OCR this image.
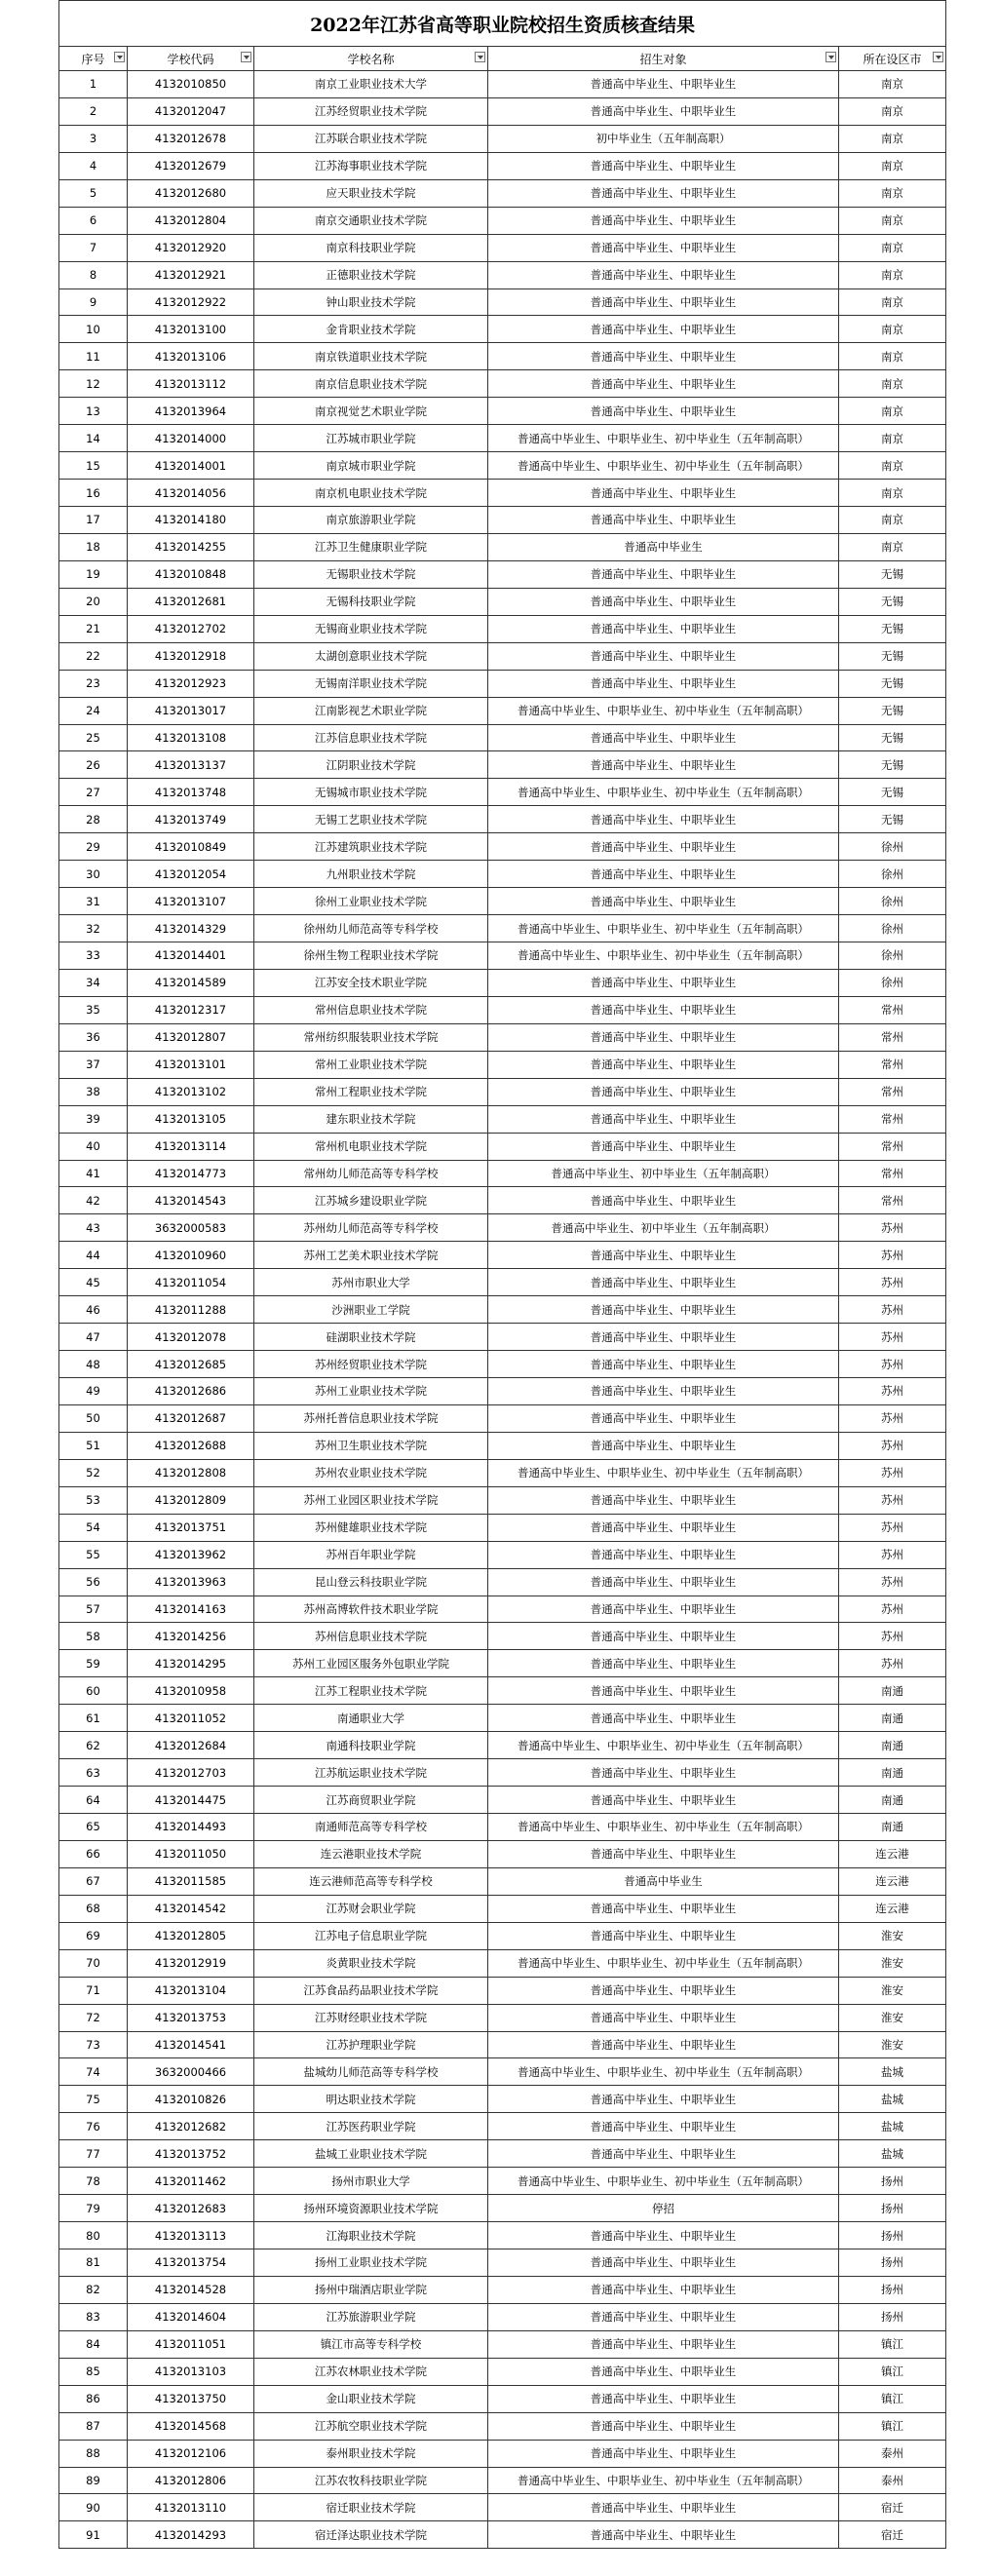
2022年江苏省高等职业院校招生资质核查结果				
序号	学校代码	学校名称	招生对象	所在设区市

1	4132010850	南京工业职业技术大学	普通高中毕业生、中职毕业生	南京
2	4132012047	江苏经贸职业技术学院	普通高中毕业生、中职毕业生	南京
3	4132012678	江苏联合职业技术学院	初中毕业生（五年制高职）	南京
4	4132012679	江苏海事职业技术学院	普通高中毕业生、中职毕业生	南京
5	4132012680	应天职业技术学院	普通高中毕业生、中职毕业生	南京
6	4132012804	南京交通职业技术学院	普通高中毕业生、中职毕业生	南京
7	4132012920	南京科技职业学院	普通高中毕业生、中职毕业生	南京
8	4132012921	正德职业技术学院	普通高中毕业生、中职毕业生	南京
9	4132012922	钟山职业技术学院	普通高中毕业生、中职毕业生	南京
10	4132013100	金肯职业技术学院	普通高中毕业生、中职毕业生	南京
11	4132013106	南京铁道职业技术学院	普通高中毕业生、中职毕业生	南京
12	4132013112	南京信息职业技术学院	普通高中毕业生、中职毕业生	南京
13	4132013964	南京视觉艺术职业学院	普通高中毕业生、中职毕业生	南京
14	4132014000	江苏城市职业学院	普通高中毕业生、中职毕业生、初中毕业生（五年制高职）	南京
15	4132014001	南京城市职业学院	普通高中毕业生、中职毕业生、初中毕业生（五年制高职）	南京
16	4132014056	南京机电职业技术学院	普通高中毕业生、中职毕业生	南京
17	4132014180	南京旅游职业学院	普通高中毕业生、中职毕业生	南京
18	4132014255	江苏卫生健康职业学院	普通高中毕业生	南京
19	4132010848	无锡职业技术学院	普通高中毕业生、中职毕业生	无锡
20	4132012681	无锡科技职业学院	普通高中毕业生、中职毕业生	无锡
21	4132012702	无锡商业职业技术学院	普通高中毕业生、中职毕业生	无锡
22	4132012918	太湖创意职业技术学院	普通高中毕业生、中职毕业生	无锡
23	4132012923	无锡南洋职业技术学院	普通高中毕业生、中职毕业生	无锡
24	4132013017	江南影视艺术职业学院	普通高中毕业生、中职毕业生、初中毕业生（五年制高职）	无锡
25	4132013108	江苏信息职业技术学院	普通高中毕业生、中职毕业生	无锡
26	4132013137	江阴职业技术学院	普通高中毕业生、中职毕业生	无锡
27	4132013748	无锡城市职业技术学院	普通高中毕业生、中职毕业生、初中毕业生（五年制高职）	无锡
28	4132013749	无锡工艺职业技术学院	普通高中毕业生、中职毕业生	无锡
29	4132010849	江苏建筑职业技术学院	普通高中毕业生、中职毕业生	徐州
30	4132012054	九州职业技术学院	普通高中毕业生、中职毕业生	徐州
31	4132013107	徐州工业职业技术学院	普通高中毕业生、中职毕业生	徐州
32	4132014329	徐州幼儿师范高等专科学校	普通高中毕业生、中职毕业生、初中毕业生（五年制高职）	徐州
33	4132014401	徐州生物工程职业技术学院	普通高中毕业生、中职毕业生、初中毕业生（五年制高职）	徐州
34	4132014589	江苏安全技术职业学院	普通高中毕业生、中职毕业生	徐州
35	4132012317	常州信息职业技术学院	普通高中毕业生、中职毕业生	常州
36	4132012807	常州纺织服装职业技术学院	普通高中毕业生、中职毕业生	常州
37	4132013101	常州工业职业技术学院	普通高中毕业生、中职毕业生	常州
38	4132013102	常州工程职业技术学院	普通高中毕业生、中职毕业生	常州
39	4132013105	建东职业技术学院	普通高中毕业生、中职毕业生	常州
40	4132013114	常州机电职业技术学院	普通高中毕业生、中职毕业生	常州
41	4132014773	常州幼儿师范高等专科学校	普通高中毕业生、初中毕业生（五年制高职）	常州
42	4132014543	江苏城乡建设职业学院	普通高中毕业生、中职毕业生	常州
43	3632000583	苏州幼儿师范高等专科学校	普通高中毕业生、初中毕业生（五年制高职）	苏州
44	4132010960	苏州工艺美术职业技术学院	普通高中毕业生、中职毕业生	苏州
45	4132011054	苏州市职业大学	普通高中毕业生、中职毕业生	苏州
46	4132011288	沙洲职业工学院	普通高中毕业生、中职毕业生	苏州
47	4132012078	硅湖职业技术学院	普通高中毕业生、中职毕业生	苏州
48	4132012685	苏州经贸职业技术学院	普通高中毕业生、中职毕业生	苏州
49	4132012686	苏州工业职业技术学院	普通高中毕业生、中职毕业生	苏州
50	4132012687	苏州托普信息职业技术学院	普通高中毕业生、中职毕业生	苏州
51	4132012688	苏州卫生职业技术学院	普通高中毕业生、中职毕业生	苏州
52	4132012808	苏州农业职业技术学院	普通高中毕业生、中职毕业生、初中毕业生（五年制高职）	苏州
53	4132012809	苏州工业园区职业技术学院	普通高中毕业生、中职毕业生	苏州
54	4132013751	苏州健雄职业技术学院	普通高中毕业生、中职毕业生	苏州
55	4132013962	苏州百年职业学院	普通高中毕业生、中职毕业生	苏州
56	4132013963	昆山登云科技职业学院	普通高中毕业生、中职毕业生	苏州
57	4132014163	苏州高博软件技术职业学院	普通高中毕业生、中职毕业生	苏州
58	4132014256	苏州信息职业技术学院	普通高中毕业生、中职毕业生	苏州
59	4132014295	苏州工业园区服务外包职业学院	普通高中毕业生、中职毕业生	苏州
60	4132010958	江苏工程职业技术学院	普通高中毕业生、中职毕业生	南通
61	4132011052	南通职业大学	普通高中毕业生、中职毕业生	南通
62	4132012684	南通科技职业学院	普通高中毕业生、中职毕业生、初中毕业生（五年制高职）	南通
63	4132012703	江苏航运职业技术学院	普通高中毕业生、中职毕业生	南通
64	4132014475	江苏商贸职业学院	普通高中毕业生、中职毕业生	南通
65	4132014493	南通师范高等专科学校	普通高中毕业生、中职毕业生、初中毕业生（五年制高职）	南通
66	4132011050	连云港职业技术学院	普通高中毕业生、中职毕业生	连云港
67	4132011585	连云港师范高等专科学校	普通高中毕业生	连云港
68	4132014542	江苏财会职业学院	普通高中毕业生、中职毕业生	连云港
69	4132012805	江苏电子信息职业学院	普通高中毕业生、中职毕业生	淮安
70	4132012919	炎黄职业技术学院	普通高中毕业生、中职毕业生、初中毕业生（五年制高职）	淮安
71	4132013104	江苏食品药品职业技术学院	普通高中毕业生、中职毕业生	淮安
72	4132013753	江苏财经职业技术学院	普通高中毕业生、中职毕业生	淮安
73	4132014541	江苏护理职业学院	普通高中毕业生、中职毕业生	淮安
74	3632000466	盐城幼儿师范高等专科学校	普通高中毕业生、中职毕业生、初中毕业生（五年制高职）	盐城
75	4132010826	明达职业技术学院	普通高中毕业生、中职毕业生	盐城
76	4132012682	江苏医药职业学院	普通高中毕业生、中职毕业生	盐城
77	4132013752	盐城工业职业技术学院	普通高中毕业生、中职毕业生	盐城
78	4132011462	扬州市职业大学	普通高中毕业生、中职毕业生、初中毕业生（五年制高职）	扬州
79	4132012683	扬州环境资源职业技术学院	停招	扬州
80	4132013113	江海职业技术学院	普通高中毕业生、中职毕业生	扬州
81	4132013754	扬州工业职业技术学院	普通高中毕业生、中职毕业生	扬州
82	4132014528	扬州中瑞酒店职业学院	普通高中毕业生、中职毕业生	扬州
83	4132014604	江苏旅游职业学院	普通高中毕业生、中职毕业生	扬州
84	4132011051	镇江市高等专科学校	普通高中毕业生、中职毕业生	镇江
85	4132013103	江苏农林职业技术学院	普通高中毕业生、中职毕业生	镇江
86	4132013750	金山职业技术学院	普通高中毕业生、中职毕业生	镇江
87	4132014568	江苏航空职业技术学院	普通高中毕业生、中职毕业生	镇江
88	4132012106	泰州职业技术学院	普通高中毕业生、中职毕业生	泰州
89	4132012806	江苏农牧科技职业学院	普通高中毕业生、中职毕业生、初中毕业生（五年制高职）	泰州
90	4132013110	宿迁职业技术学院	普通高中毕业生、中职毕业生	宿迁
91	4132014293	宿迁泽达职业技术学院	普通高中毕业生、中职毕业生	宿迁
